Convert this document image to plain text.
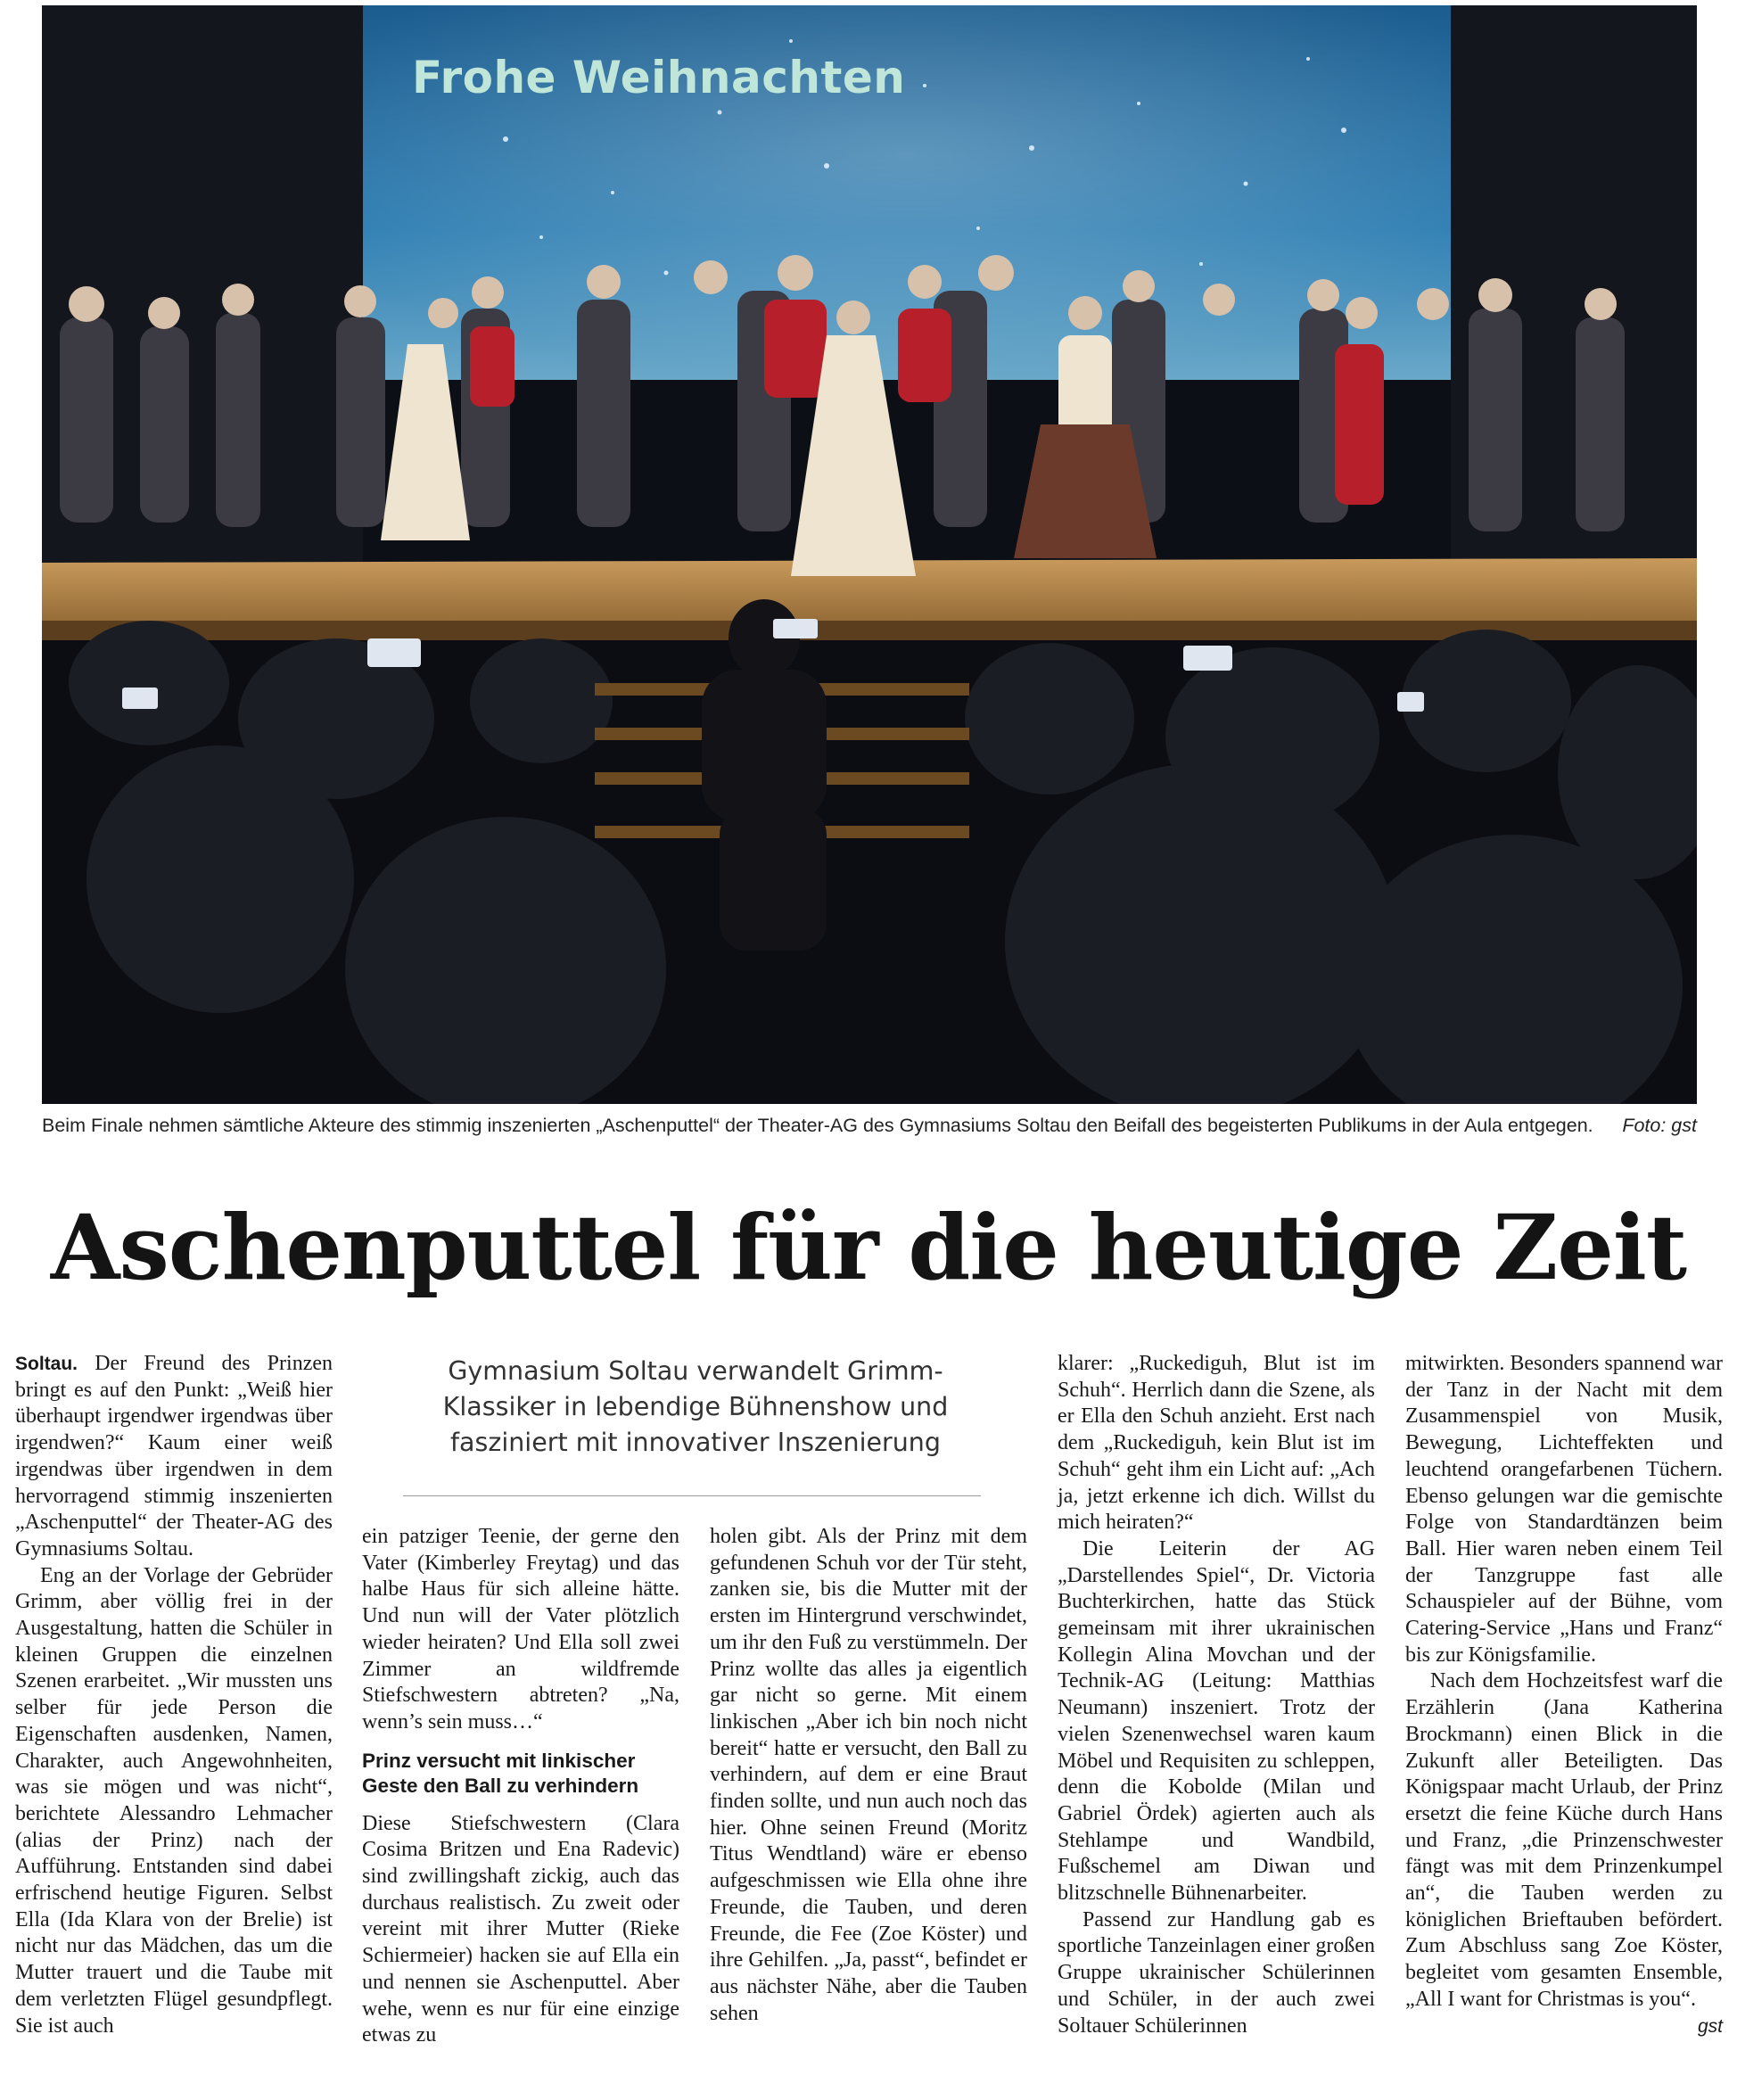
Frohe Weihnachten
Beim Finale nehmen sämtliche Akteure des stimmig inszenierten „Aschenputtel“ der Theater-AG des Gymnasiums Soltau den Beifall des begeisterten Publikums in der Aula entgegen. Foto: gst
Aschenputtel für die heutige Zeit
Gymnasium Soltau verwandelt Grimm-Klassiker in lebendige Bühnenshow und fasziniert mit innovativer Inszenierung

Soltau. Der Freund des Prinzen bringt es auf den Punkt: „Weiß hier überhaupt irgendwer irgendwas über irgendwen?“ Kaum einer weiß irgendwas über irgendwen in dem hervorragend stimmig inszenierten „Aschenputtel“ der Theater-AG des Gymnasiums Soltau.

Eng an der Vorlage der Gebrüder Grimm, aber völlig frei in der Ausgestaltung, hatten die Schüler in kleinen Gruppen die einzelnen Szenen erarbeitet. „Wir mussten uns selber für jede Person die Eigenschaften ausdenken, Namen, Charakter, auch Angewohnheiten, was sie mögen und was nicht“, berichtete Alessandro Lehmacher (alias der Prinz) nach der Aufführung. Entstanden sind dabei erfrischend heutige Figuren. Selbst Ella (Ida Klara von der Brelie) ist nicht nur das Mädchen, das um die Mutter trauert und die Taube mit dem verletzten Flügel gesundpflegt. Sie ist auch

ein patziger Teenie, der gerne den Vater (Kimberley Freytag) und das halbe Haus für sich alleine hätte. Und nun will der Vater plötzlich wieder heiraten? Und Ella soll zwei Zimmer an wildfremde Stiefschwestern abtreten? „Na, wenn’s sein muss…“

Prinz versucht mit linkischer Geste den Ball zu verhindern

Diese Stiefschwestern (Clara Cosima Britzen und Ena Radevic) sind zwillingshaft zickig, auch das durchaus realistisch. Zu zweit oder vereint mit ihrer Mutter (Rieke Schiermeier) hacken sie auf Ella ein und nennen sie Aschenputtel. Aber wehe, wenn es nur für eine einzige etwas zu

holen gibt. Als der Prinz mit dem gefundenen Schuh vor der Tür steht, zanken sie, bis die Mutter mit der ersten im Hintergrund verschwindet, um ihr den Fuß zu verstümmeln. Der Prinz wollte das alles ja eigentlich gar nicht so gerne. Mit einem linkischen „Aber ich bin noch nicht bereit“ hatte er versucht, den Ball zu verhindern, auf dem er eine Braut finden sollte, und nun auch noch das hier. Ohne seinen Freund (Moritz Titus Wendtland) wäre er ebenso aufgeschmissen wie Ella ohne ihre Freunde, die Tauben, und deren Freunde, die Fee (Zoe Köster) und ihre Gehilfen. „Ja, passt“, befindet er aus nächster Nähe, aber die Tauben sehen

klarer: „Ruckediguh, Blut ist im Schuh“. Herrlich dann die Szene, als er Ella den Schuh anzieht. Erst nach dem „Ruckediguh, kein Blut ist im Schuh“ geht ihm ein Licht auf: „Ach ja, jetzt erkenne ich dich. Willst du mich heiraten?“

Die Leiterin der AG „Darstellendes Spiel“, Dr. Victoria Buchterkirchen, hatte das Stück gemeinsam mit ihrer ukrainischen Kollegin Alina Movchan und der Technik-AG (Leitung: Matthias Neumann) inszeniert. Trotz der vielen Szenenwechsel waren kaum Möbel und Requisiten zu schleppen, denn die Kobolde (Milan und Gabriel Ördek) agierten auch als Stehlampe und Wandbild, Fußschemel am Diwan und blitzschnelle Bühnenarbeiter.

Passend zur Handlung gab es sportliche Tanzeinlagen einer großen Gruppe ukrainischer Schülerinnen und Schüler, in der auch zwei Soltauer Schülerinnen

mitwirkten. Besonders spannend war der Tanz in der Nacht mit dem Zusammenspiel von Musik, Bewegung, Lichteffekten und leuchtend orangefarbenen Tüchern. Ebenso gelungen war die gemischte Folge von Standardtänzen beim Ball. Hier waren neben einem Teil der Tanzgruppe fast alle Schauspieler auf der Bühne, vom Catering-Service „Hans und Franz“ bis zur Königsfamilie.

Nach dem Hochzeitsfest warf die Erzählerin (Jana Katherina Brockmann) einen Blick in die Zukunft aller Beteiligten. Das Königspaar macht Urlaub, der Prinz ersetzt die feine Küche durch Hans und Franz, „die Prinzenschwester fängt was mit dem Prinzenkumpel an“, die Tauben werden zu königlichen Brieftauben befördert. Zum Abschluss sang Zoe Köster, begleitet vom gesamten Ensemble, „All I want for Christmas is you“.
gst
